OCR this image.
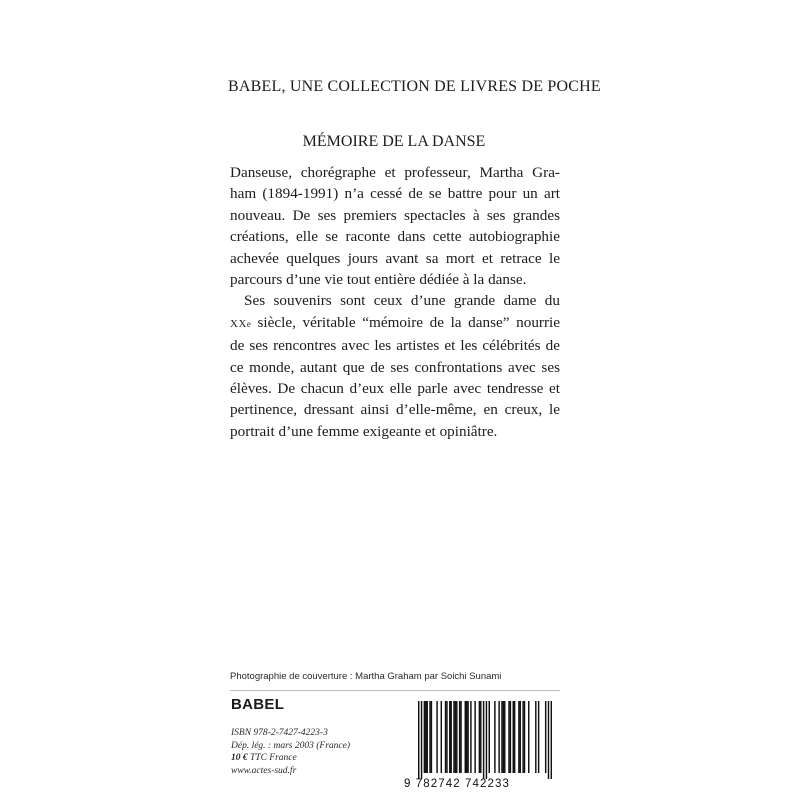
BABEL, UNE COLLECTION DE LIVRES DE POCHE
MÉMOIRE DE LA DANSE

Danseuse, chorégraphe et professeur, Martha Gra-
ham (1894-1991) n’a cessé de se battre pour un art
nouveau. De ses premiers spectacles à ses grandes
créations, elle se raconte dans cette autobiographie
achevée quelques jours avant sa mort et retrace le
parcours d’une vie tout entière dédiée à la danse.

Ses souvenirs sont ceux d’une grande dame du
XXe siècle, véritable “mémoire de la danse” nourrie
de ses rencontres avec les artistes et les célébrités de
ce monde, autant que de ses confrontations avec ses
élèves. De chacun d’eux elle parle avec tendresse et
pertinence, dressant ainsi d’elle-même, en creux, le
portrait d’une femme exigeante et opiniâtre.

Photographie de couverture : Martha Graham par Soichi Sunami
BABEL
ISBN 978-2-7427-4223-3
Dép. lég. : mars 2003 (France)
10 € TTC France
www.actes-sud.fr
9 782742 742233
